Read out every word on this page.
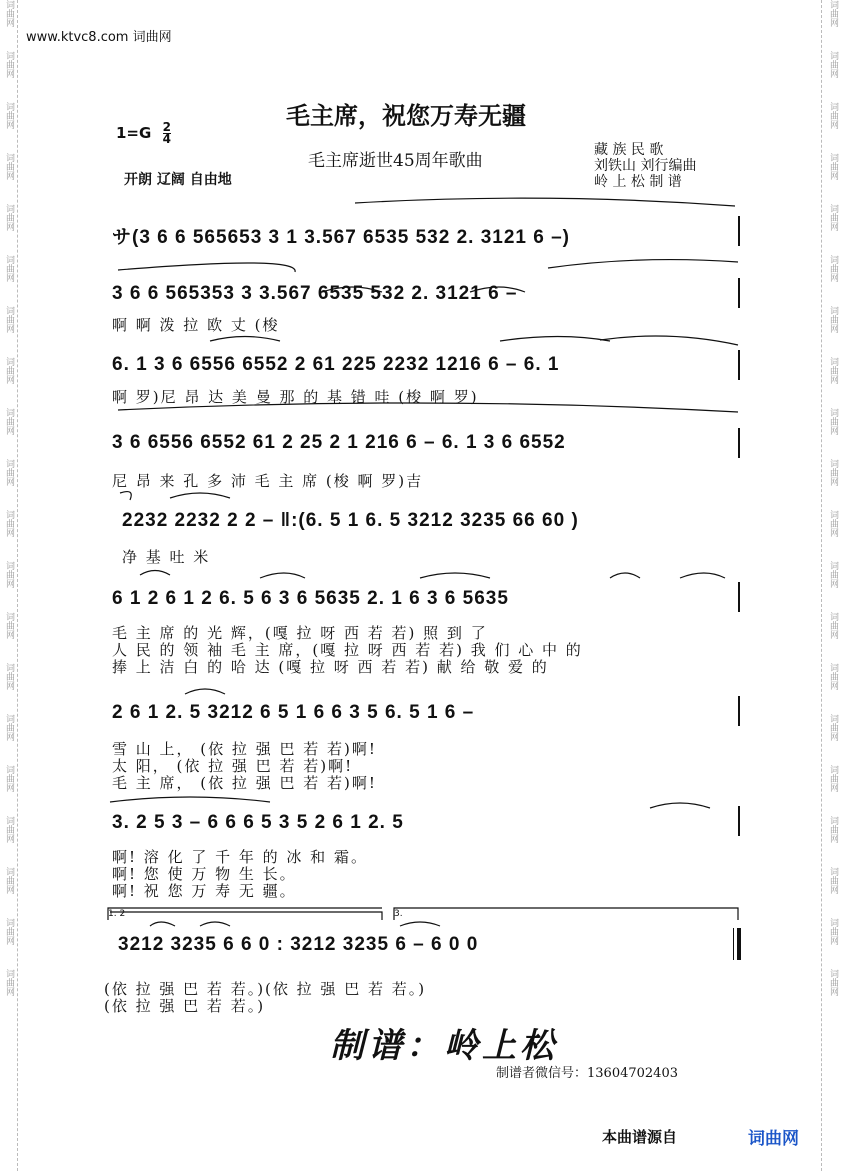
词曲网
词曲网
词曲网
词曲网
词曲网
词曲网
词曲网
词曲网
词曲网
词曲网
词曲网
词曲网
词曲网
词曲网
词曲网
词曲网
词曲网
词曲网
词曲网
词曲网
词曲网
词曲网
词曲网
词曲网
词曲网
词曲网
词曲网
词曲网
词曲网
词曲网
词曲网
词曲网
词曲网
词曲网
词曲网
词曲网
词曲网
词曲网
词曲网
词曲网
www.ktvc8.com 词曲网
毛主席，祝您万寿无疆
$1=G \frac{2}{4}$
毛主席逝世45周年歌曲
开朗 辽阔 自由地
藏 族 民 歌
刘铁山 刘行编曲
岭 上 松 制 谱
サ(3 6 6 565653 3 1 3.567 6535 532 2. 3121 6 –)
3 6 6 565353 3 3.567 6535 532 2. 3121 6 –
啊 啊 泼 拉 欧 丈 (梭
6. 1 3 6 6556 6552 2 61 225 2232 1216 6 – 6. 1
啊 罗)尼 昂 达 美 曼 那 的 基 错 哇 (梭 啊 罗)
3 6 6556 6552 61 2 25 2 1 216 6 – 6. 1 3 6 6552
尼 昂 来 孔 多 沛 毛 主 席 (梭 啊 罗)吉
2232 2232 2 2 – ‖:(6. 5 1 6. 5 3212 3235 66 60 )
净 基 吐 米
6 1 2 6 1 2 6. 5 6 3 6 5635 2. 1 6 3 6 5635
毛 主 席 的 光 辉，(嘎 拉 呀 西 若 若) 照 到 了
人 民 的 领 袖 毛 主 席，(嘎 拉 呀 西 若 若) 我 们 心 中 的
捧 上 洁 白 的 哈 达 (嘎 拉 呀 西 若 若) 献 给 敬 爱 的
2 6 1 2. 5 3212 6 5 1 6 6 3 5 6. 5 1 6 –
雪 山 上， (依 拉 强 巴 若 若)啊!
太 阳， (依 拉 强 巴 若 若)啊!
毛 主 席， (依 拉 强 巴 若 若)啊!
3. 2 5 3 – 6 6 6 5 3 5 2 6 1 2. 5
啊! 溶 化 了 千 年 的 冰 和 霜。
啊! 您 使 万 物 生 长。
啊! 祝 您 万 寿 无 疆。
1. 2	3.
3212 3235 6 6 0 : 3212 3235 6 – 6 0 0
(依 拉 强 巴 若 若。)(依 拉 强 巴 若 若。)
(依 拉 强 巴 若 若。)
制谱：岭上松
制谱者微信号：13604702403
本曲谱源自	词曲网
